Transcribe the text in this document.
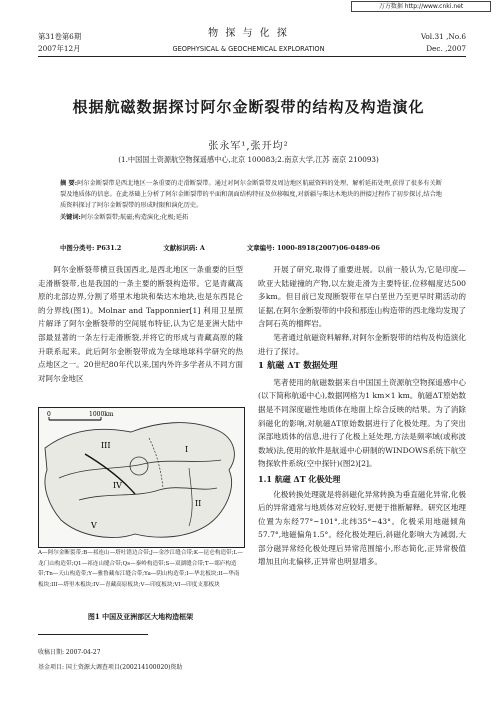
万方数据 http://www.cnki.net
第31卷第6期	物 探 与 化 探	Vol.31 ,No.6
2007年12月	GEOPHYSICAL & GEOCHEMICAL EXPLORATION	Dec. ,2007
根据航磁数据探讨阿尔金断裂带的结构及构造演化
张永军¹,张开均²
(1.中国国土资源航空物探遥感中心,北京 100083;2.南京大学,江苏 南京 210093)
摘 要:阿尔金断裂带是西北地区一条重要的走滑断裂带。通过对阿尔金断裂带及周边地区航磁资料的处理、解析延拓处理,获得了很多有关断裂及地质体的信息。在此基础上分析了阿尔金断裂带的平面和剖面结构特征及位移幅度,对新疆与柴达木地块的拼接过程作了初步探讨,结合地质资料探讨了阿尔金断裂带的形成时限和演化历史。
关键词:阿尔金断裂带;航磁;构造演化;化极;延拓
中图分类号: P631.2	文献标识码: A	文章编号: 1000-8918(2007)06-0489-06

阿尔金断裂带横亘我国西北,是西北地区一条重要的巨型走滑断裂带,也是我国的一条主要的断裂构造带。它是青藏高原的北部边界,分割了塔里木地块和柴达木地块,也是东西昆仑的分界线(图1)。Molnar and Tapponnier[1] 利用卫星照片解译了阿尔金断裂带的空间展布特征,认为它是亚洲大陆中部最显著的一条左行走滑断裂,并将它的形成与青藏高原的隆升联系起来。此后阿尔金断裂带成为全球地球科学研究的热点地区之一。20世纪80年代以来,国内外许多学者从不同方面对阿尔金地区

0	1000km
I
II
III
IV
V
A—阿尔金断裂带;B—祁连山—塔吐错边合带;J—金沙江缝合带;K—昆仑构造带;L—龙门山构造带;Q1—祁连山缝合带;Qs—秦岭构造带;S—双湖缝合带;T—郯庐构造带;Tn—天山构造带;Y—雅鲁藏布江缝合带;Ya—阴山构造带;I—华北板块;II—华南板块;III—塔里木板块;IV—青藏高原板块;V—印度板块;VI—印度支那板块
图1 中国及亚洲部区大地构造框架

开展了研究,取得了重要进展。以前一般认为,它是印度—欧亚大陆碰撞的产物,以左旋走滑为主要特征,位移幅度达500多km。但目前已发现断裂带在早白垩世乃至更早时期活动的证据,在阿尔金断裂带的中段和那连山构造带的西北缘均发现了含阿石英的榴辉岩。

笔者通过航磁资料解释,对阿尔金断裂带的结构及构造演化进行了探讨。

1 航磁 ΔT 数据处理

笔者使用的航磁数据来自中国国土资源航空物探遥感中心(以下简称航遥中心),数据网格为1 km×1 km。航磁ΔT原始数据是不同深度磁性地质体在地面上综合反映的结果。为了消除斜磁化的影响,对航磁ΔT原始数据进行了化极处理。为了突出深部地质体的信息,进行了化极上延处理,方法是频率域(或称波数域)法,使用的软件是航遥中心研制的WINDOWS系统下航空物探软件系统(空中探针)(图2)[2]。

1.1 航磁 ΔT 化极处理

化极转换处理就是将斜磁化异常转换为垂直磁化异常,化极后的异常通常与地质体对应较好,更便于推断解释。研究区地理位置为东经77°~101°,北纬35°~43°。化极采用地磁倾角57.7°,地磁偏角1.5°。经化极处理后,斜磁化影响大为减弱,大部分磁异常经化极处理后异常范围缩小,形态简化,正异常极值增加且向北偏移,正异常也明显增多。

收稿日期: 2007-04-27
基金项目: 国土资源大调查项目(200214100020)资助
